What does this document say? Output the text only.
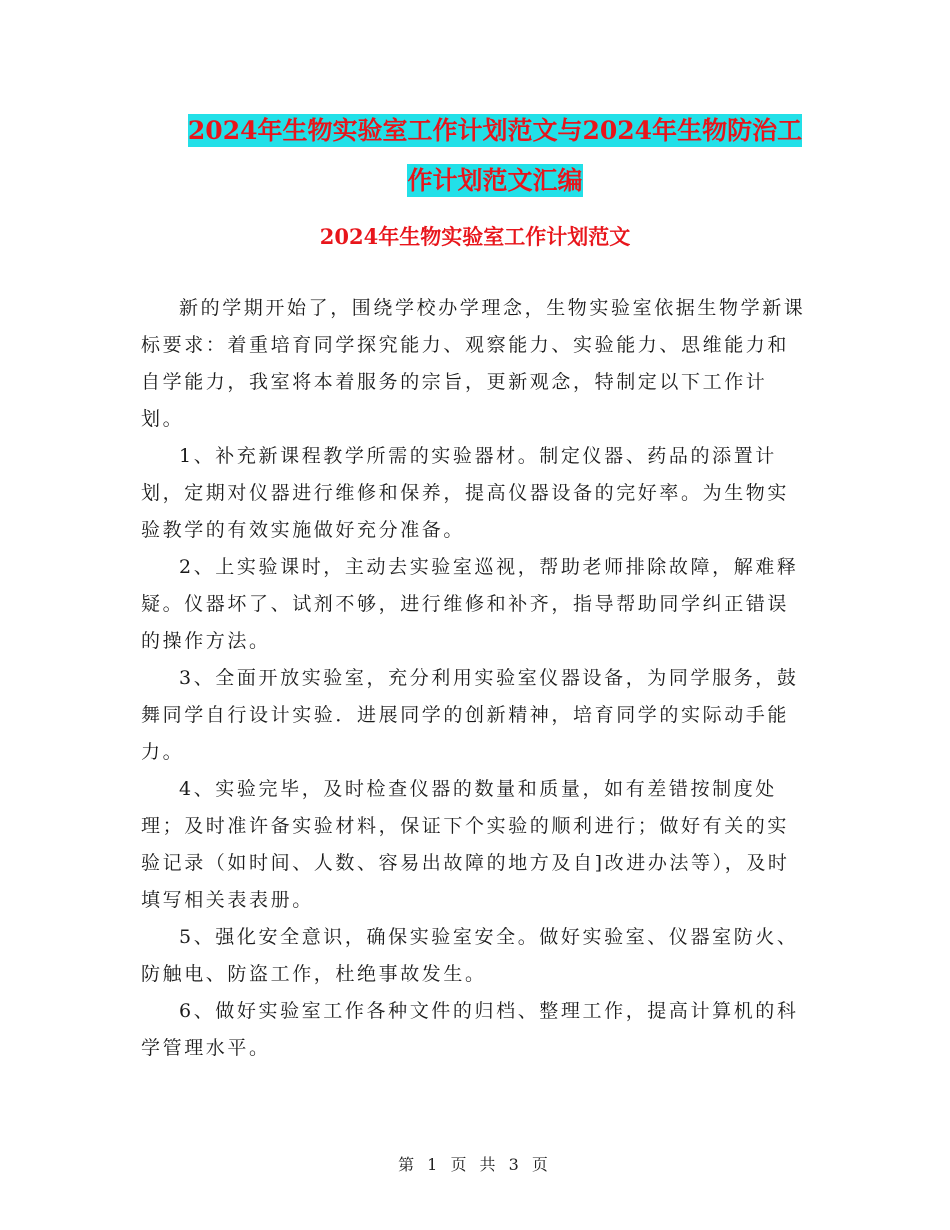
2024年生物实验室工作计划范文与2024年生物防治工
作计划范文汇编
2024年生物实验室工作计划范文

新的学期开始了，围绕学校办学理念，生物实验室依据生物学新课标要求：着重培育同学探究能力、观察能力、实验能力、思维能力和自学能力，我室将本着服务的宗旨，更新观念，特制定以下工作计划。

1、补充新课程教学所需的实验器材。制定仪器、药品的添置计划，定期对仪器进行维修和保养，提高仪器设备的完好率。为生物实验教学的有效实施做好充分准备。

2、上实验课时，主动去实验室巡视，帮助老师排除故障，解难释疑。仪器坏了、试剂不够，进行维修和补齐，指导帮助同学纠正错误的操作方法。

3、全面开放实验室，充分利用实验室仪器设备，为同学服务，鼓舞同学自行设计实验．进展同学的创新精神，培育同学的实际动手能力。

4、实验完毕，及时检查仪器的数量和质量，如有差错按制度处理；及时准许备实验材料，保证下个实验的顺利进行；做好有关的实验记录（如时间、人数、容易出故障的地方及自]改进办法等），及时填写相关表表册。

5、强化安全意识，确保实验室安全。做好实验室、仪器室防火、防触电、防盗工作，杜绝事故发生。

6、做好实验室工作各种文件的归档、整理工作，提高计算机的科学管理水平。

第 1 页 共 3 页
